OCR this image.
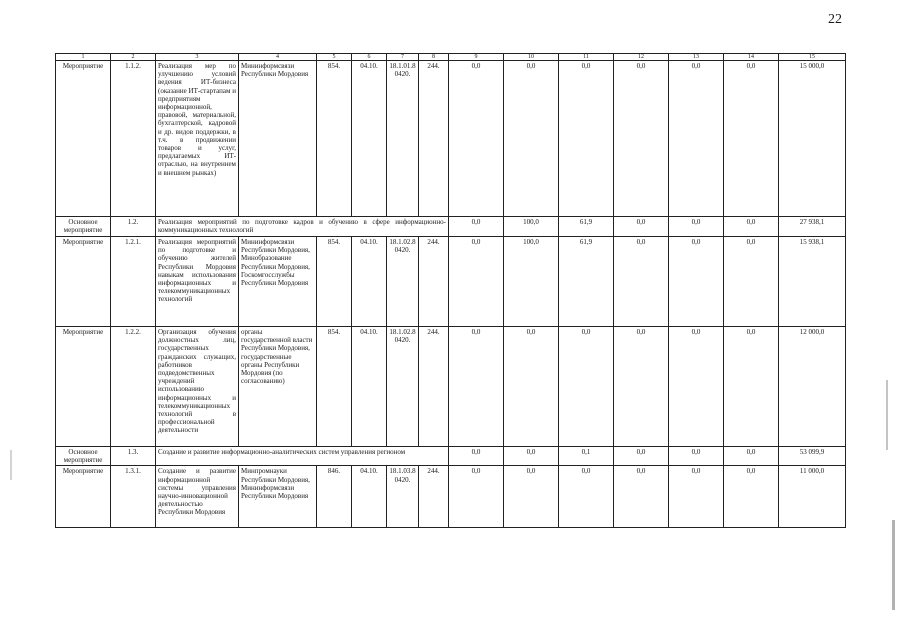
22
1	2	3	4	5	6	7	8	9	10	11	12	13	14	15
Мероприятие	1.1.2.	Реализация мер по улучшению условий ведения ИТ-бизнеса (оказание ИТ-стартапам и предприятиям информационной, правовой, материальной, бухгалтерской, кадровой и др. видов поддержки, в т.ч. в продвижении товаров и услуг, предлагаемых ИТ-отраслью, на внутреннем и внешнем рынках)	Мининформсвязи Республики Мордовия	854.	04.10.	18.1.01.8 0420.	244.	0,0	0,0	0,0	0,0	0,0	0,0	15 000,0
Основное мероприятие	1.2.	Реализация мероприятий по подготовке кадров и обучению в сфере информационно-коммуникационных технологий						0,0	100,0	61,9	0,0	0,0	0,0	27 938,1
Мероприятие	1.2.1.	Реализация мероприятий по подготовке и обучению жителей Республики Мордовия навыкам использования информационных и телекоммуникационных технологий	Мининформсвязи Республики Мордовия, Минобразование Республики Мордовия, Госкомгосслужбы Республики Мордовия	854.	04.10.	18.1.02.8 0420.	244.	0,0	100,0	61,9	0,0	0,0	0,0	15 938,1
Мероприятие	1.2.2.	Организация обучения должностных лиц, государственных гражданских служащих, работников подведомственных учреждений использованию информационных и телекоммуникационных технологий в профессиональной деятельности	органы государственной власти Республики Мордовия, государственные органы Республики Мордовия (по согласованию)	854.	04.10.	18.1.02.8 0420.	244.	0,0	0,0	0,0	0,0	0,0	0,0	12 000,0
Основное мероприятие	1.3.	Создание и развитие информационно-аналитических систем управления регионом						0,0	0,0	0,1	0,0	0,0	0,0	53 099,9
Мероприятие	1.3.1.	Создание и развитие информационной системы управления научно-инновационной деятельностью Республики Мордовия	Минпромнауки Республики Мордовия, Мининформсвязи Республики Мордовия	846.	04.10.	18.1.03.8 0420.	244.	0,0	0,0	0,0	0,0	0,0	0,0	11 000,0
